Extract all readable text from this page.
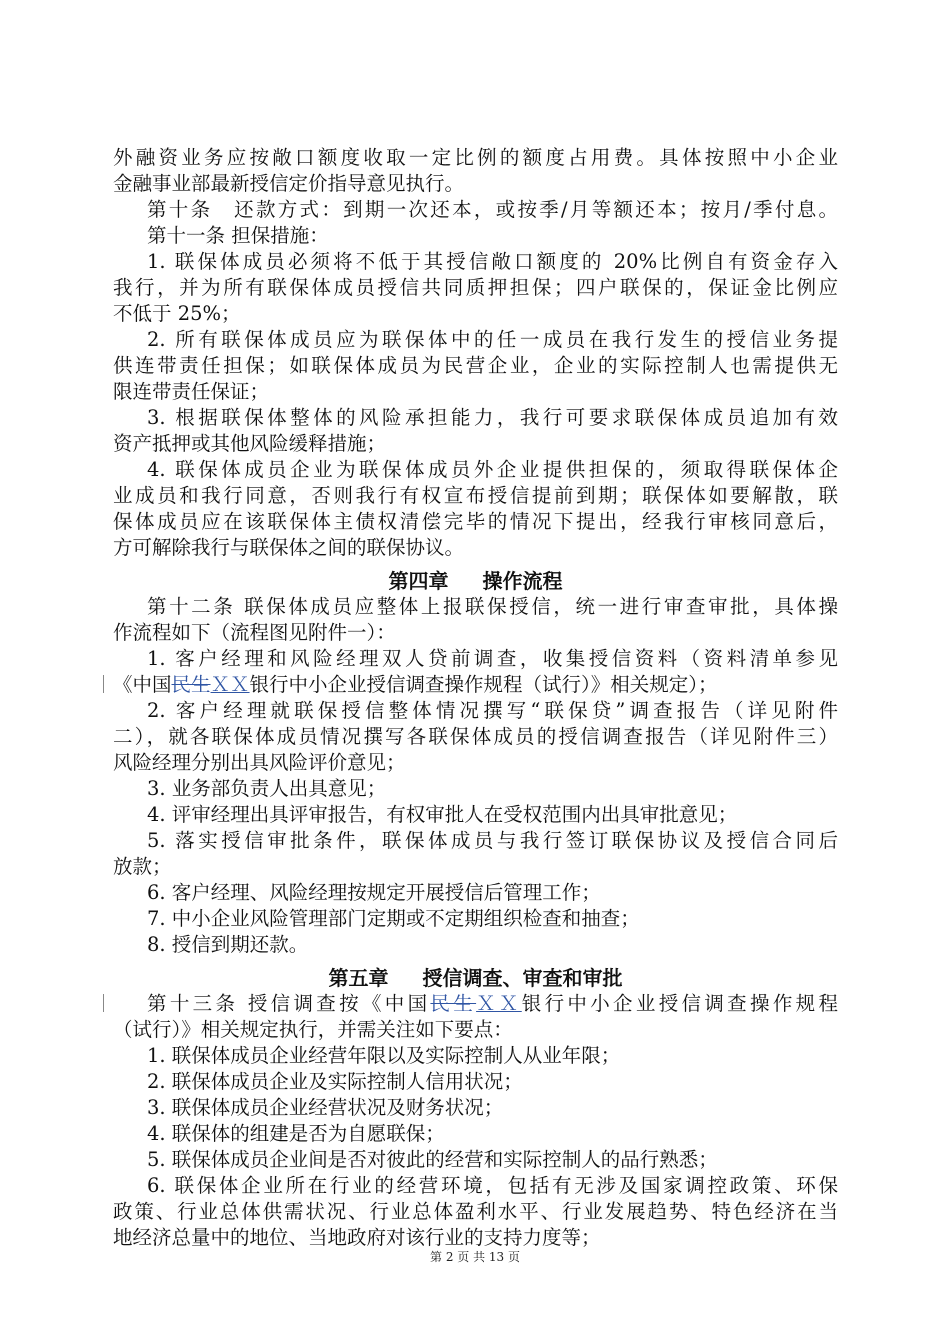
外融资业务应按敞口额度收取一定比例的额度占用费。具体按照中小企业
金融事业部最新授信定价指导意见执行。
第十条　还款方式：到期一次还本，或按季/月等额还本；按月/季付息。
第十一条 担保措施：
1. 联保体成员必须将不低于其授信敞口额度的 20%比例自有资金存入
我行，并为所有联保体成员授信共同质押担保；四户联保的，保证金比例应
不低于 25%；
2. 所有联保体成员应为联保体中的任一成员在我行发生的授信业务提
供连带责任担保；如联保体成员为民营企业，企业的实际控制人也需提供无
限连带责任保证；
3. 根据联保体整体的风险承担能力，我行可要求联保体成员追加有效
资产抵押或其他风险缓释措施；
4. 联保体成员企业为联保体成员外企业提供担保的，须取得联保体企
业成员和我行同意，否则我行有权宣布授信提前到期；联保体如要解散，联
保体成员应在该联保体主债权清偿完毕的情况下提出，经我行审核同意后，
方可解除我行与联保体之间的联保协议。
第四章 操作流程
第十二条 联保体成员应整体上报联保授信，统一进行审查审批，具体操
作流程如下（流程图见附件一）：
1. 客户经理和风险经理双人贷前调查，收集授信资料（资料清单参见
《中国民生ＸＸ银行中小企业授信调查操作规程（试行）》相关规定）；
2. 客户经理就联保授信整体情况撰写“联保贷”调查报告（详见附件
二），就各联保体成员情况撰写各联保体成员的授信调查报告（详见附件三）
风险经理分别出具风险评价意见；
3. 业务部负责人出具意见；
4. 评审经理出具评审报告，有权审批人在受权范围内出具审批意见；
5. 落实授信审批条件，联保体成员与我行签订联保协议及授信合同后
放款；
6. 客户经理、风险经理按规定开展授信后管理工作；
7. 中小企业风险管理部门定期或不定期组织检查和抽查；
8. 授信到期还款。
第五章 授信调查、审查和审批
第十三条 授信调查按《中国民生ＸＸ银行中小企业授信调查操作规程
（试行）》相关规定执行，并需关注如下要点：
1. 联保体成员企业经营年限以及实际控制人从业年限；
2. 联保体成员企业及实际控制人信用状况；
3. 联保体成员企业经营状况及财务状况；
4. 联保体的组建是否为自愿联保；
5. 联保体成员企业间是否对彼此的经营和实际控制人的品行熟悉；
6. 联保体企业所在行业的经营环境，包括有无涉及国家调控政策、环保
政策、行业总体供需状况、行业总体盈利水平、行业发展趋势、特色经济在当
地经济总量中的地位、当地政府对该行业的支持力度等；
第 2 页 共 13 页
